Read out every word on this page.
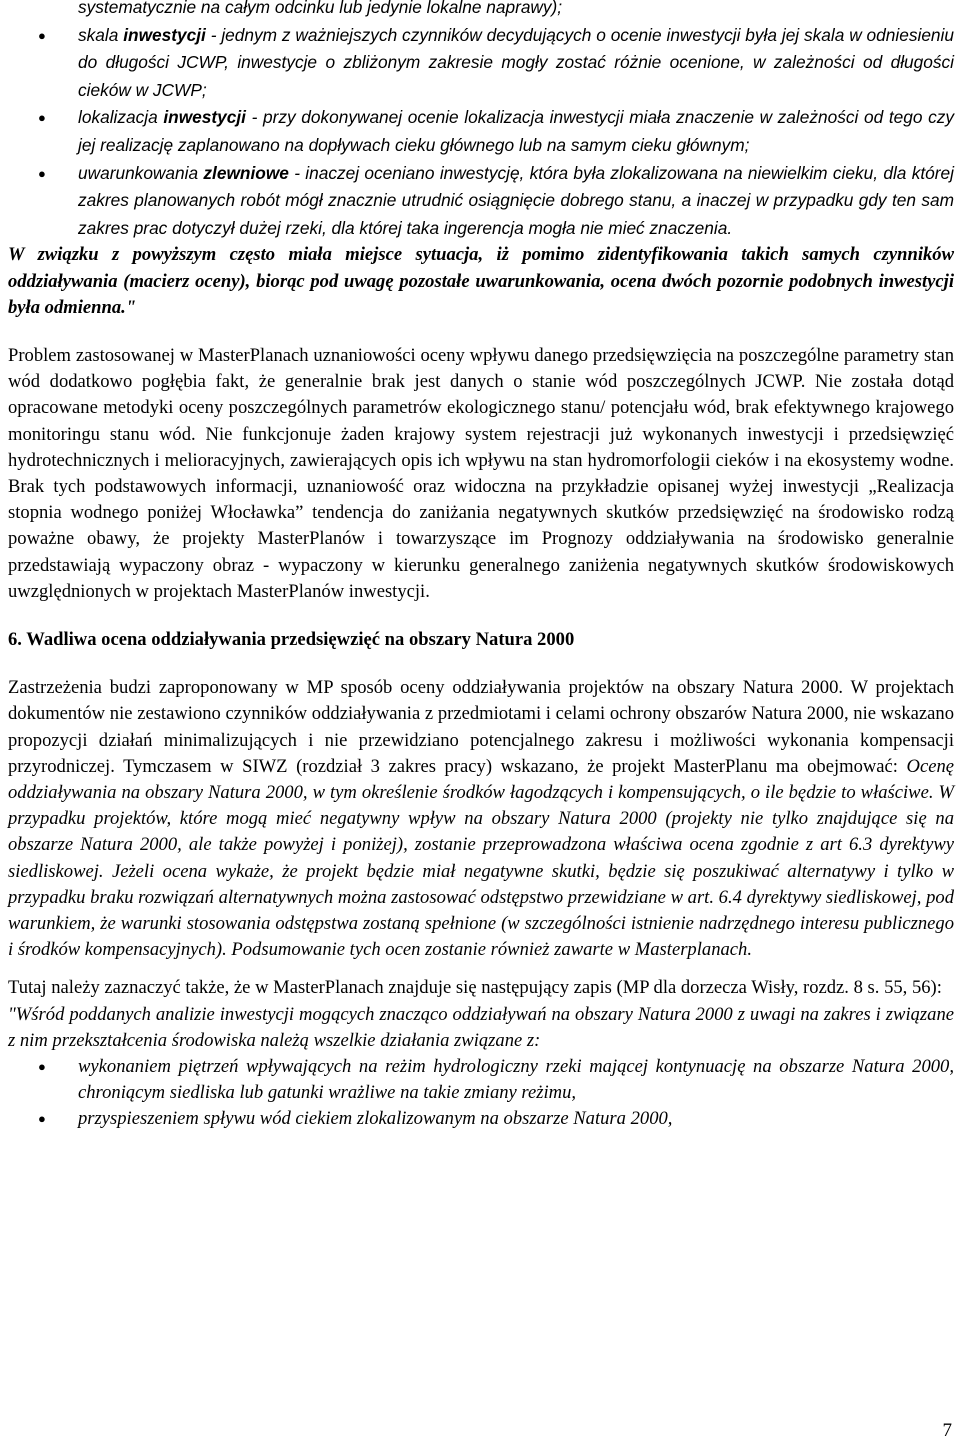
systematycznie na całym odcinku lub jedynie lokalne naprawy);
● skala inwestycji - jednym z ważniejszych czynników decydujących o ocenie inwestycji była jej skala w odniesieniu do długości JCWP, inwestycje o zbliżonym zakresie mogły zostać różnie ocenione, w zależności od długości cieków w JCWP;
● lokalizacja inwestycji - przy dokonywanej ocenie lokalizacja inwestycji miała znaczenie w zależności od tego czy jej realizację zaplanowano na dopływach cieku głównego lub na samym cieku głównym;
● uwarunkowania zlewniowe - inaczej oceniano inwestycję, która była zlokalizowana na niewielkim cieku, dla której zakres planowanych robót mógł znacznie utrudnić osiągnięcie dobrego stanu, a inaczej w przypadku gdy ten sam zakres prac dotyczył dużej rzeki, dla której taka ingerencja mogła nie mieć znaczenia.

W związku z powyższym często miała miejsce sytuacja, iż pomimo zidentyfikowania takich samych czynników oddziaływania (macierz oceny), biorąc pod uwagę pozostałe uwarunkowania, ocena dwóch pozornie podobnych inwestycji była odmienna."

Problem zastosowanej w MasterPlanach uznaniowości oceny wpływu danego przedsięwzięcia na poszczególne parametry stan wód dodatkowo pogłębia fakt, że generalnie brak jest danych o stanie wód poszczególnych JCWP. Nie została dotąd opracowane metodyki oceny poszczególnych parametrów ekologicznego stanu/ potencjału wód, brak efektywnego krajowego monitoringu stanu wód. Nie funkcjonuje żaden krajowy system rejestracji już wykonanych inwestycji i przedsięwzięć hydrotechnicznych i melioracyjnych, zawierających opis ich wpływu na stan hydromorfologii cieków i na ekosystemy wodne. Brak tych podstawowych informacji, uznaniowość oraz widoczna na przykładzie opisanej wyżej inwestycji „Realizacja stopnia wodnego poniżej Włocławka” tendencja do zaniżania negatywnych skutków przedsięwzięć na środowisko rodzą poważne obawy, że projekty MasterPlanów i towarzyszące im Prognozy oddziaływania na środowisko generalnie przedstawiają wypaczony obraz - wypaczony w kierunku generalnego zaniżenia negatywnych skutków środowiskowych uwzględnionych w projektach MasterPlanów inwestycji.

6. Wadliwa ocena oddziaływania przedsięwzięć na obszary Natura 2000

Zastrzeżenia budzi zaproponowany w MP sposób oceny oddziaływania projektów na obszary Natura 2000. W projektach dokumentów nie zestawiono czynników oddziaływania z przedmiotami i celami ochrony obszarów Natura 2000, nie wskazano propozycji działań minimalizujących i nie przewidziano potencjalnego zakresu i możliwości wykonania kompensacji przyrodniczej. Tymczasem w SIWZ (rozdział 3 zakres pracy) wskazano, że projekt MasterPlanu ma obejmować: Ocenę oddziaływania na obszary Natura 2000, w tym określenie środków łagodzących i kompensujących, o ile będzie to właściwe. W przypadku projektów, które mogą mieć negatywny wpływ na obszary Natura 2000 (projekty nie tylko znajdujące się na obszarze Natura 2000, ale także powyżej i poniżej), zostanie przeprowadzona właściwa ocena zgodnie z art 6.3 dyrektywy siedliskowej. Jeżeli ocena wykaże, że projekt będzie miał negatywne skutki, będzie się poszukiwać alternatywy i tylko w przypadku braku rozwiązań alternatywnych można zastosować odstępstwo przewidziane w art. 6.4 dyrektywy siedliskowej, pod warunkiem, że warunki stosowania odstępstwa zostaną spełnione (w szczególności istnienie nadrzędnego interesu publicznego i środków kompensacyjnych). Podsumowanie tych ocen zostanie również zawarte w Masterplanach.

Tutaj należy zaznaczyć także, że w MasterPlanach znajduje się następujący zapis (MP dla dorzecza Wisły, rozdz. 8 s. 55, 56):

"Wśród poddanych analizie inwestycji mogących znacząco oddziaływań na obszary Natura 2000 z uwagi na zakres i związane z nim przekształcenia środowiska należą wszelkie działania związane z:

● wykonaniem piętrzeń wpływających na reżim hydrologiczny rzeki mającej kontynuację na obszarze Natura 2000, chroniącym siedliska lub gatunki wrażliwe na takie zmiany reżimu,
● przyspieszeniem spływu wód ciekiem zlokalizowanym na obszarze Natura 2000,
7
